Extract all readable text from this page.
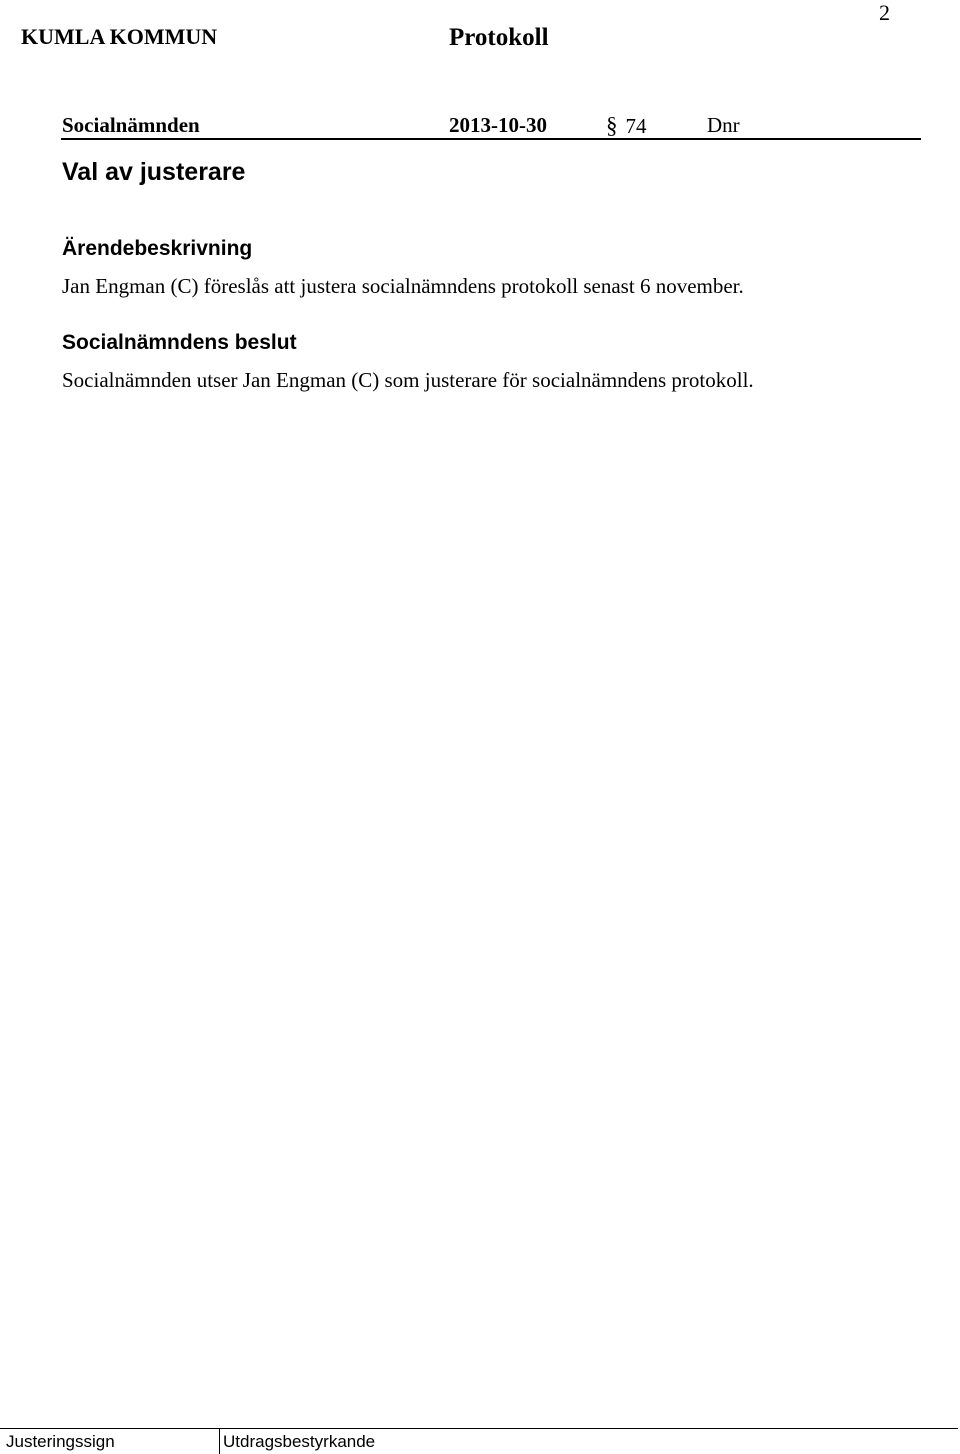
2
KUMLA KOMMUN	Protokoll
Socialnämnden	2013-10-30	§ 74	Dnr
Val av justerare
Ärendebeskrivning
Jan Engman (C) föreslås att justera socialnämndens protokoll senast 6 november.
Socialnämndens beslut
Socialnämnden utser Jan Engman (C) som justerare för socialnämndens protokoll.
Justeringssign	Utdragsbestyrkande
